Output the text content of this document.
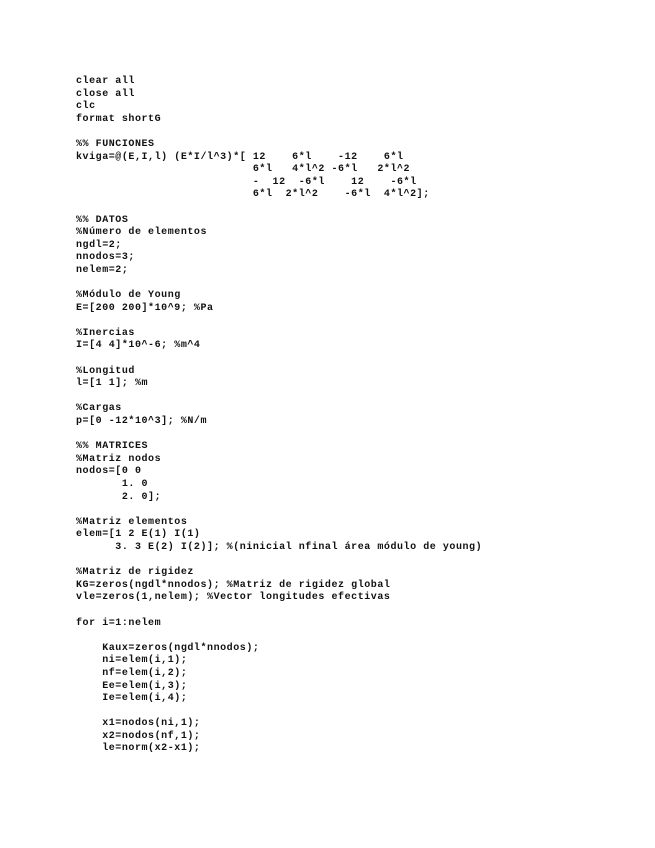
clear all
close all
clc
format shortG
%% FUNCIONES
kviga=@(E,I,l) (E*I/l^3)*[ 12    6*l    -12    6*l
6*l   4*l^2 -6*l   2*l^2
-  12  -6*l    12    -6*l
6*l  2*l^2    -6*l  4*l^2];
%% DATOS
%Número de elementos
ngdl=2;
nnodos=3;
nelem=2;
%Módulo de Young
E=[200 200]*10^9; %Pa
%Inercias
I=[4 4]*10^-6; %m^4
%Longitud
l=[1 1]; %m
%Cargas
p=[0 -12*10^3]; %N/m
%% MATRICES
%Matriz nodos
nodos=[0 0
1. 0
2. 0];
%Matriz elementos
elem=[1 2 E(1) I(1)
3. 3 E(2) I(2)]; %(ninicial nfinal área módulo de young)
%Matriz de rigidez
KG=zeros(ngdl*nnodos); %Matriz de rigidez global
vle=zeros(1,nelem); %Vector longitudes efectivas
for i=1:nelem
Kaux=zeros(ngdl*nnodos);
ni=elem(i,1);
nf=elem(i,2);
Ee=elem(i,3);
Ie=elem(i,4);
x1=nodos(ni,1);
x2=nodos(nf,1);
le=norm(x2-x1);
